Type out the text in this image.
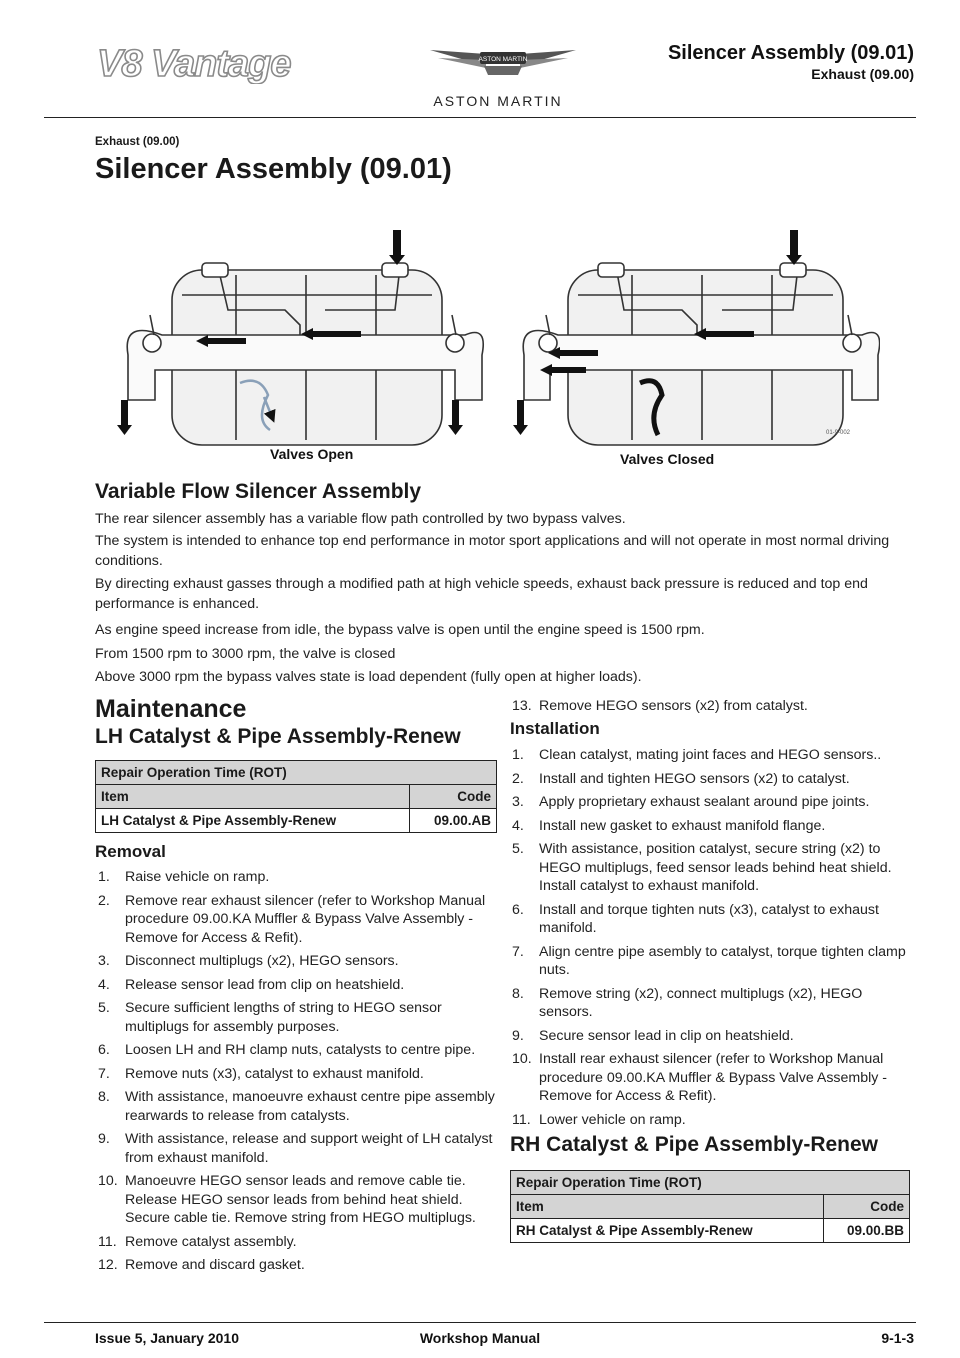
V8 Vantage	ASTON MARTIN
ASTON MARTIN
Silencer Assembly (09.01)
Exhaust (09.00)
Exhaust (09.00)
Silencer Assembly (09.01)
Valves Open	Valves Closed
01-9-002
Variable Flow Silencer Assembly
The rear silencer assembly has a variable flow path controlled by two bypass valves.
The system is intended to enhance top end performance in motor sport applications and will not operate in most normal driving conditions.
By directing exhaust gasses through a modified path at high vehicle speeds, exhaust back pressure is reduced and top end performance is enhanced.
As engine speed increase from idle, the bypass valve is open until the engine speed is 1500 rpm.
From 1500 rpm to 3000 rpm, the valve is closed
Above 3000 rpm the bypass valves state is load dependent (fully open at higher loads).
Maintenance
LH Catalyst & Pipe Assembly-Renew
Repair Operation Time (ROT)	
Item	Code
LH Catalyst & Pipe Assembly-Renew	09.00.AB
Removal
1. Raise vehicle on ramp.
2. Remove rear exhaust silencer (refer to Workshop Manual procedure 09.00.KA Muffler & Bypass Valve Assembly - Remove for Access & Refit).
3. Disconnect multiplugs (x2), HEGO sensors.
4. Release sensor lead from clip on heatshield.
5. Secure sufficient lengths of string to HEGO sensor multiplugs for assembly purposes.
6. Loosen LH and RH clamp nuts, catalysts to centre pipe.
7. Remove nuts (x3), catalyst to exhaust manifold.
8. With assistance, manoeuvre exhaust centre pipe assembly rearwards to release from catalysts.
9. With assistance, release and support weight of LH catalyst from exhaust manifold.
10. Manoeuvre HEGO sensor leads and remove cable tie. Release HEGO sensor leads from behind heat shield. Secure cable tie. Remove string from HEGO multiplugs.
11. Remove catalyst assembly.
12. Remove and discard gasket.
13. Remove HEGO sensors (x2) from catalyst.
Installation
1. Clean catalyst, mating joint faces and HEGO sensors..
2. Install and tighten HEGO sensors (x2) to catalyst.
3. Apply proprietary exhaust sealant around pipe joints.
4. Install new gasket to exhaust manifold flange.
5. With assistance, position catalyst, secure string (x2) to HEGO multiplugs, feed sensor leads behind heat shield. Install catalyst to exhaust manifold.
6. Install and torque tighten nuts (x3), catalyst to exhaust manifold.
7. Align centre pipe asembly to catalyst, torque tighten clamp nuts.
8. Remove string (x2), connect multiplugs (x2), HEGO sensors.
9. Secure sensor lead in clip on heatshield.
10. Install rear exhaust silencer (refer to Workshop Manual procedure 09.00.KA Muffler & Bypass Valve Assembly - Remove for Access & Refit).
11. Lower vehicle on ramp.
RH Catalyst & Pipe Assembly-Renew
Repair Operation Time (ROT)	
Item	Code
RH Catalyst & Pipe Assembly-Renew	09.00.BB
Issue 5, January 2010	Workshop Manual	9-1-3
